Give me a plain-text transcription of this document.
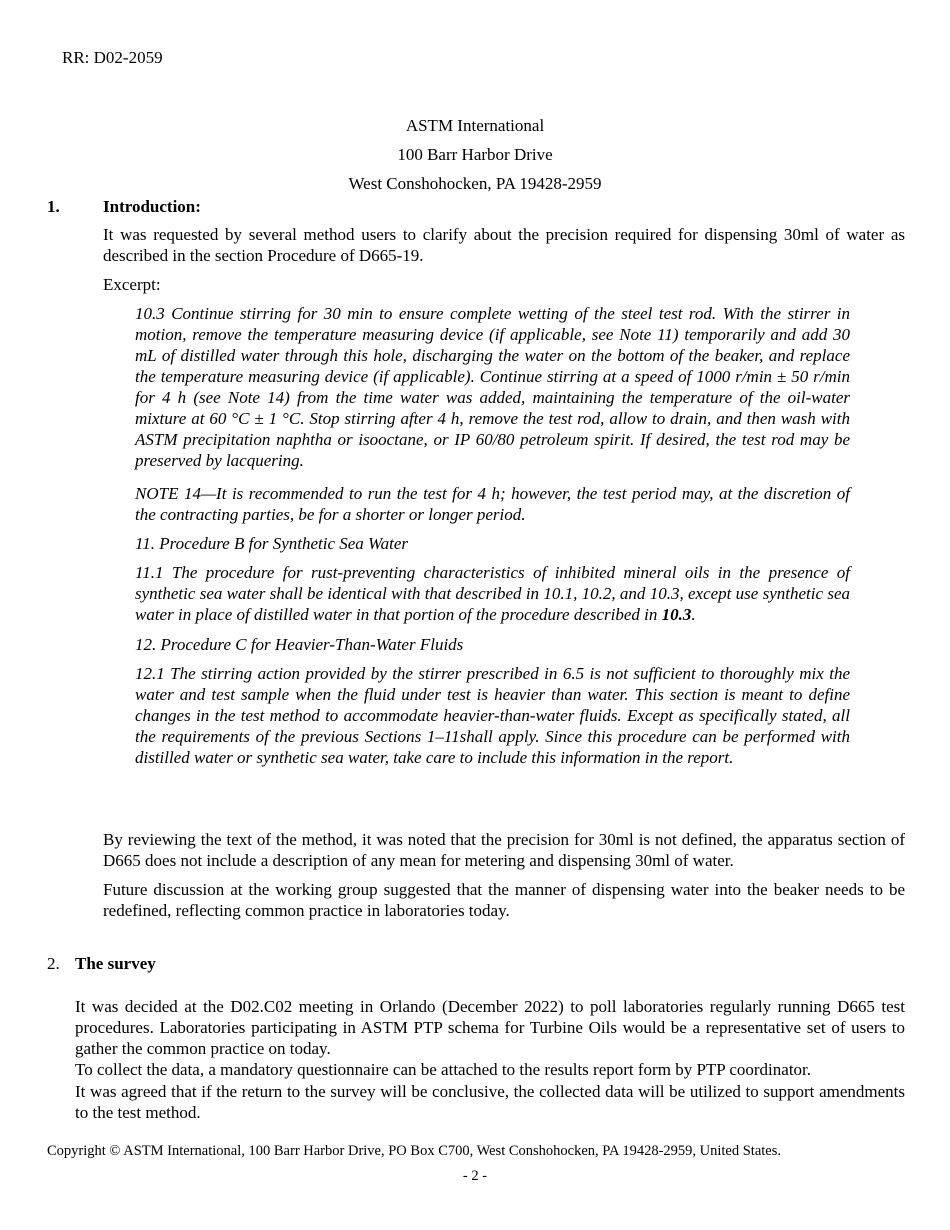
RR: D02-2059
ASTM International
100 Barr Harbor Drive
West Conshohocken, PA 19428-2959
1.	Introduction:

It was requested by several method users to clarify about the precision required for dispensing 30ml of water as described in the section Procedure of D665-19.

Excerpt:

10.3 Continue stirring for 30 min to ensure complete wetting of the steel test rod. With the stirrer in motion, remove the temperature measuring device (if applicable, see Note 11) temporarily and add 30 mL of distilled water through this hole, discharging the water on the bottom of the beaker, and replace the temperature measuring device (if applicable). Continue stirring at a speed of 1000 r/min ± 50 r/min for 4 h (see Note 14) from the time water was added, maintaining the temperature of the oil-water mixture at 60 °C ± 1 °C. Stop stirring after 4 h, remove the test rod, allow to drain, and then wash with ASTM precipitation naphtha or isooctane, or IP 60/80 petroleum spirit. If desired, the test rod may be preserved by lacquering.

NOTE 14—It is recommended to run the test for 4 h; however, the test period may, at the discretion of the contracting parties, be for a shorter or longer period.

11. Procedure B for Synthetic Sea Water

11.1 The procedure for rust-preventing characteristics of inhibited mineral oils in the presence of synthetic sea water shall be identical with that described in 10.1, 10.2, and 10.3, except use synthetic sea water in place of distilled water in that portion of the procedure described in 10.3.

12. Procedure C for Heavier-Than-Water Fluids

12.1 The stirring action provided by the stirrer prescribed in 6.5 is not sufficient to thoroughly mix the water and test sample when the fluid under test is heavier than water. This section is meant to define changes in the test method to accommodate heavier-than-water fluids. Except as specifically stated, all the requirements of the previous Sections 1–11shall apply. Since this procedure can be performed with distilled water or synthetic sea water, take care to include this information in the report.

By reviewing the text of the method, it was noted that the precision for 30ml is not defined, the apparatus section of D665 does not include a description of any mean for metering and dispensing 30ml of water.

Future discussion at the working group suggested that the manner of dispensing water into the beaker needs to be redefined, reflecting common practice in laboratories today.

2. The survey

It was decided at the D02.C02 meeting in Orlando (December 2022) to poll laboratories regularly running D665 test procedures. Laboratories participating in ASTM PTP schema for Turbine Oils would be a representative set of users to gather the common practice on today.

To collect the data, a mandatory questionnaire can be attached to the results report form by PTP coordinator.

It was agreed that if the return to the survey will be conclusive, the collected data will be utilized to support amendments to the test method.

Copyright © ASTM International, 100 Barr Harbor Drive, PO Box C700, West Conshohocken, PA 19428-2959, United States.
- 2 -
